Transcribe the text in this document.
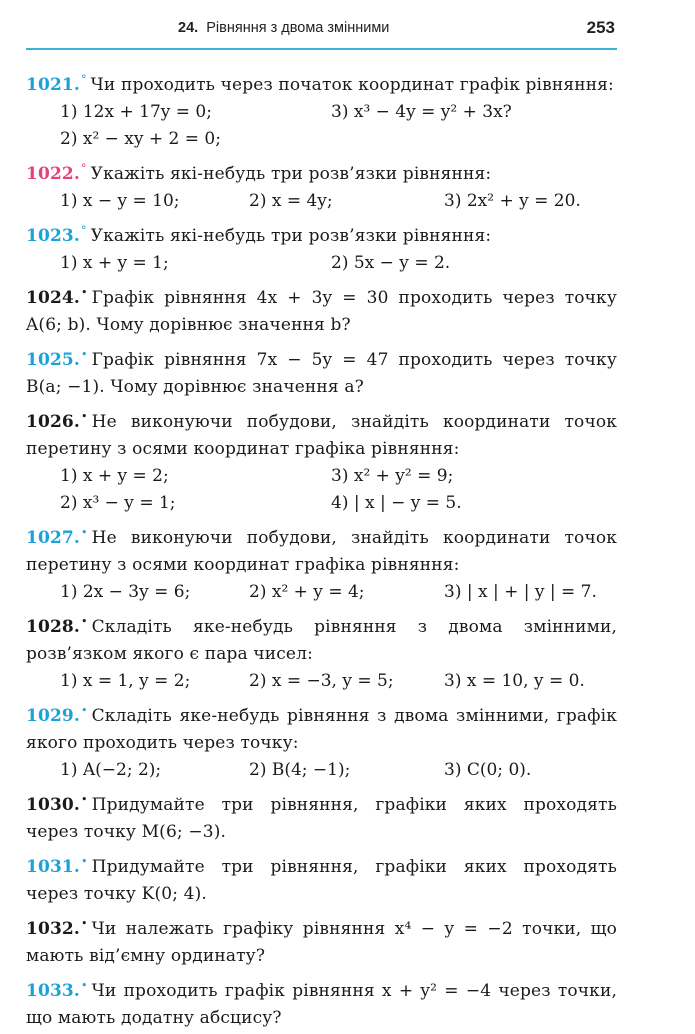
24. Рівняння з двома змінними	253
1021.° Чи проходить через початок координат графік рівняння:
1) 12x + 17y = 0;	3) x³ − 4y = y² + 3x?
2) x² − xy + 2 = 0;
1022.° Укажіть які-небудь три розв’язки рівняння:
1) x − y = 10;	2) x = 4y;	3) 2x² + y = 20.
1023.° Укажіть які-небудь три розв’язки рівняння:
1) x + y = 1;	2) 5x − y = 2.
1024.• Графік рівняння 4x + 3y = 30 проходить через точку A(6; b). Чому дорівнює значення b?
1025.• Графік рівняння 7x − 5y = 47 проходить через точку B(a; −1). Чому дорівнює значення a?
1026.• Не виконуючи побудови, знайдіть координати точок перетину з осями координат графіка рівняння:
1) x + y = 2;	3) x² + y² = 9;
2) x³ − y = 1;	4) | x | − y = 5.
1027.• Не виконуючи побудови, знайдіть координати точок перетину з осями координат графіка рівняння:
1) 2x − 3y = 6;	2) x² + y = 4;	3) | x | + | y | = 7.
1028.• Складіть яке-небудь рівняння з двома змінними, розв’язком якого є пара чисел:
1) x = 1, y = 2;	2) x = −3, y = 5;	3) x = 10, y = 0.
1029.• Складіть яке-небудь рівняння з двома змінними, графік якого проходить через точку:
1) A(−2; 2);	2) B(4; −1);	3) C(0; 0).
1030.• Придумайте три рівняння, графіки яких проходять через точку M(6; −3).
1031.• Придумайте три рівняння, графіки яких проходять через точку K(0; 4).
1032.• Чи належать графіку рівняння x⁴ − y = −2 точки, що мають від’ємну ординату?
1033.• Чи проходить графік рівняння x + y² = −4 через точки, що мають додатну абсцису?
